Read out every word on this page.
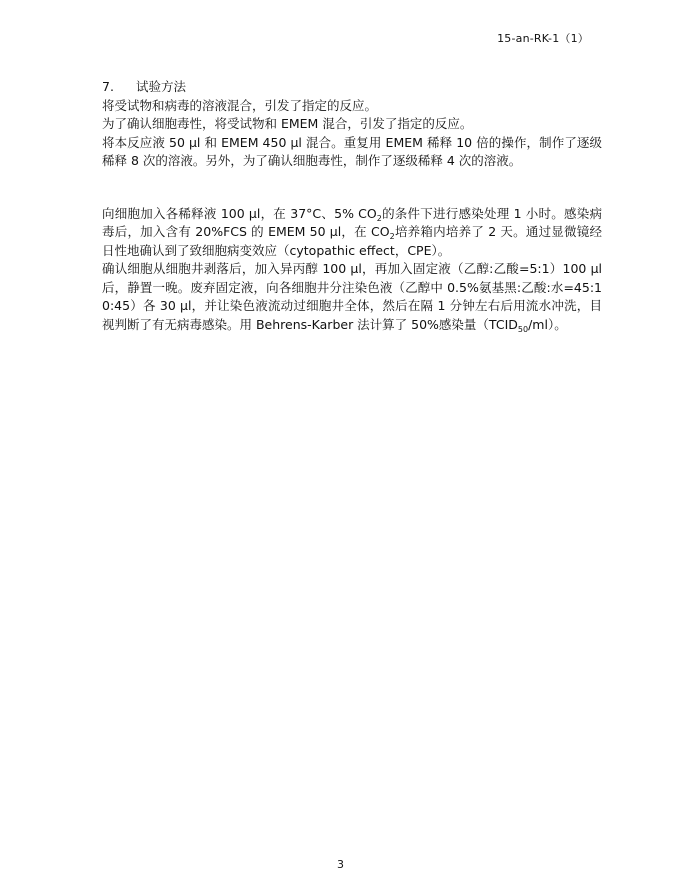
15-an-RK-1（1）

7. 试验方法

将受试物和病毒的溶液混合，引发了指定的反应。

为了确认细胞毒性，将受试物和 EMEM 混合，引发了指定的反应。

将本反应液 50 µl 和 EMEM 450 µl 混合。重复用 EMEM 稀释 10 倍的操作，制作了逐级稀释 8 次的溶液。另外，为了确认细胞毒性，制作了逐级稀释 4 次的溶液。

向细胞加入各稀释液 100 µl，在 37°C、5% $CO_2$的条件下进行感染处理 1 小时。感染病毒后，加入含有 20%FCS 的 EMEM 50 µl，在 $CO_2$培养箱内培养了 2 天。通过显微镜经日性地确认到了致细胞病变效应（cytopathic effect，CPE）。

确认细胞从细胞井剥落后，加入异丙醇 100 µl，再加入固定液（乙醇:乙酸=5:1）100 µl 后，静置一晚。废弃固定液，向各细胞井分注染色液（乙醇中 0.5%氨基黑:乙酸:水=45:10:45）各 30 µl，并让染色液流动过细胞井全体，然后在隔 1 分钟左右后用流水冲洗，目视判断了有无病毒感染。用 Behrens-Karber 法计算了 50%感染量$(TCID_{50}/ml)$。

3
